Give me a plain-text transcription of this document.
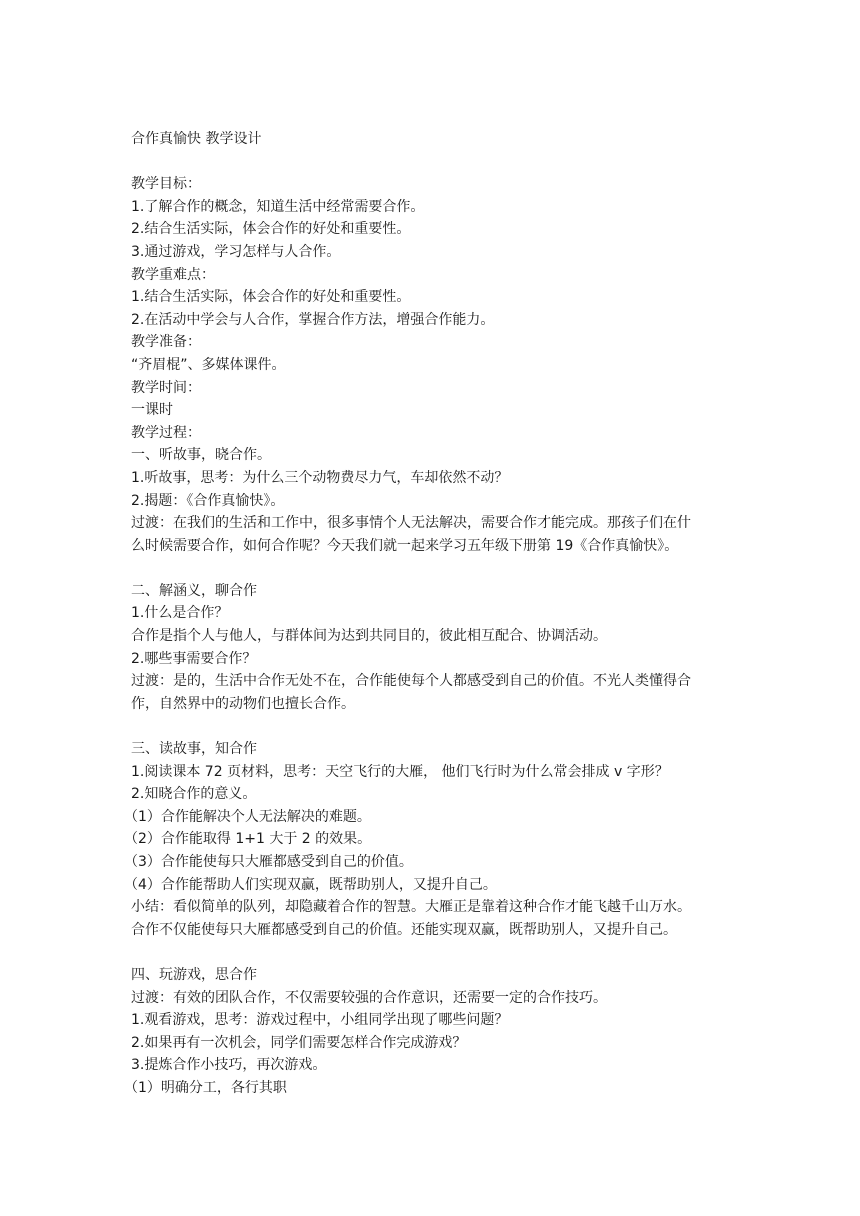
合作真愉快 教学设计
教学目标：
1.了解合作的概念，知道生活中经常需要合作。
2.结合生活实际，体会合作的好处和重要性。
3.通过游戏，学习怎样与人合作。
教学重难点：
1.结合生活实际，体会合作的好处和重要性。
2.在活动中学会与人合作，掌握合作方法，增强合作能力。
教学准备：
“齐眉棍”、多媒体课件。
教学时间：
一课时
教学过程：
一、听故事，晓合作。
1.听故事，思考：为什么三个动物费尽力气，车却依然不动？
2.揭题：《合作真愉快》。
过渡：在我们的生活和工作中，很多事情个人无法解决，需要合作才能完成。那孩子们在什
么时候需要合作，如何合作呢？今天我们就一起来学习五年级下册第 19《合作真愉快》。
二、解涵义，聊合作
1.什么是合作？
合作是指个人与他人，与群体间为达到共同目的，彼此相互配合、协调活动。
2.哪些事需要合作？
过渡：是的，生活中合作无处不在，合作能使每个人都感受到自己的价值。不光人类懂得合
作，自然界中的动物们也擅长合作。
三、读故事，知合作
1.阅读课本 72 页材料，思考：天空飞行的大雁， 他们飞行时为什么常会排成 v 字形？
2.知晓合作的意义。
（1）合作能解决个人无法解决的难题。
（2）合作能取得 1+1 大于 2 的效果。
（3）合作能使每只大雁都感受到自己的价值。
（4）合作能帮助人们实现双赢，既帮助别人，又提升自己。
小结：看似简单的队列，却隐藏着合作的智慧。大雁正是靠着这种合作才能飞越千山万水。
合作不仅能使每只大雁都感受到自己的价值。还能实现双赢，既帮助别人，又提升自己。
四、玩游戏，思合作
过渡：有效的团队合作，不仅需要较强的合作意识，还需要一定的合作技巧。
1.观看游戏，思考：游戏过程中，小组同学出现了哪些问题？
2.如果再有一次机会，同学们需要怎样合作完成游戏？
3.提炼合作小技巧，再次游戏。
（1）明确分工，各行其职
